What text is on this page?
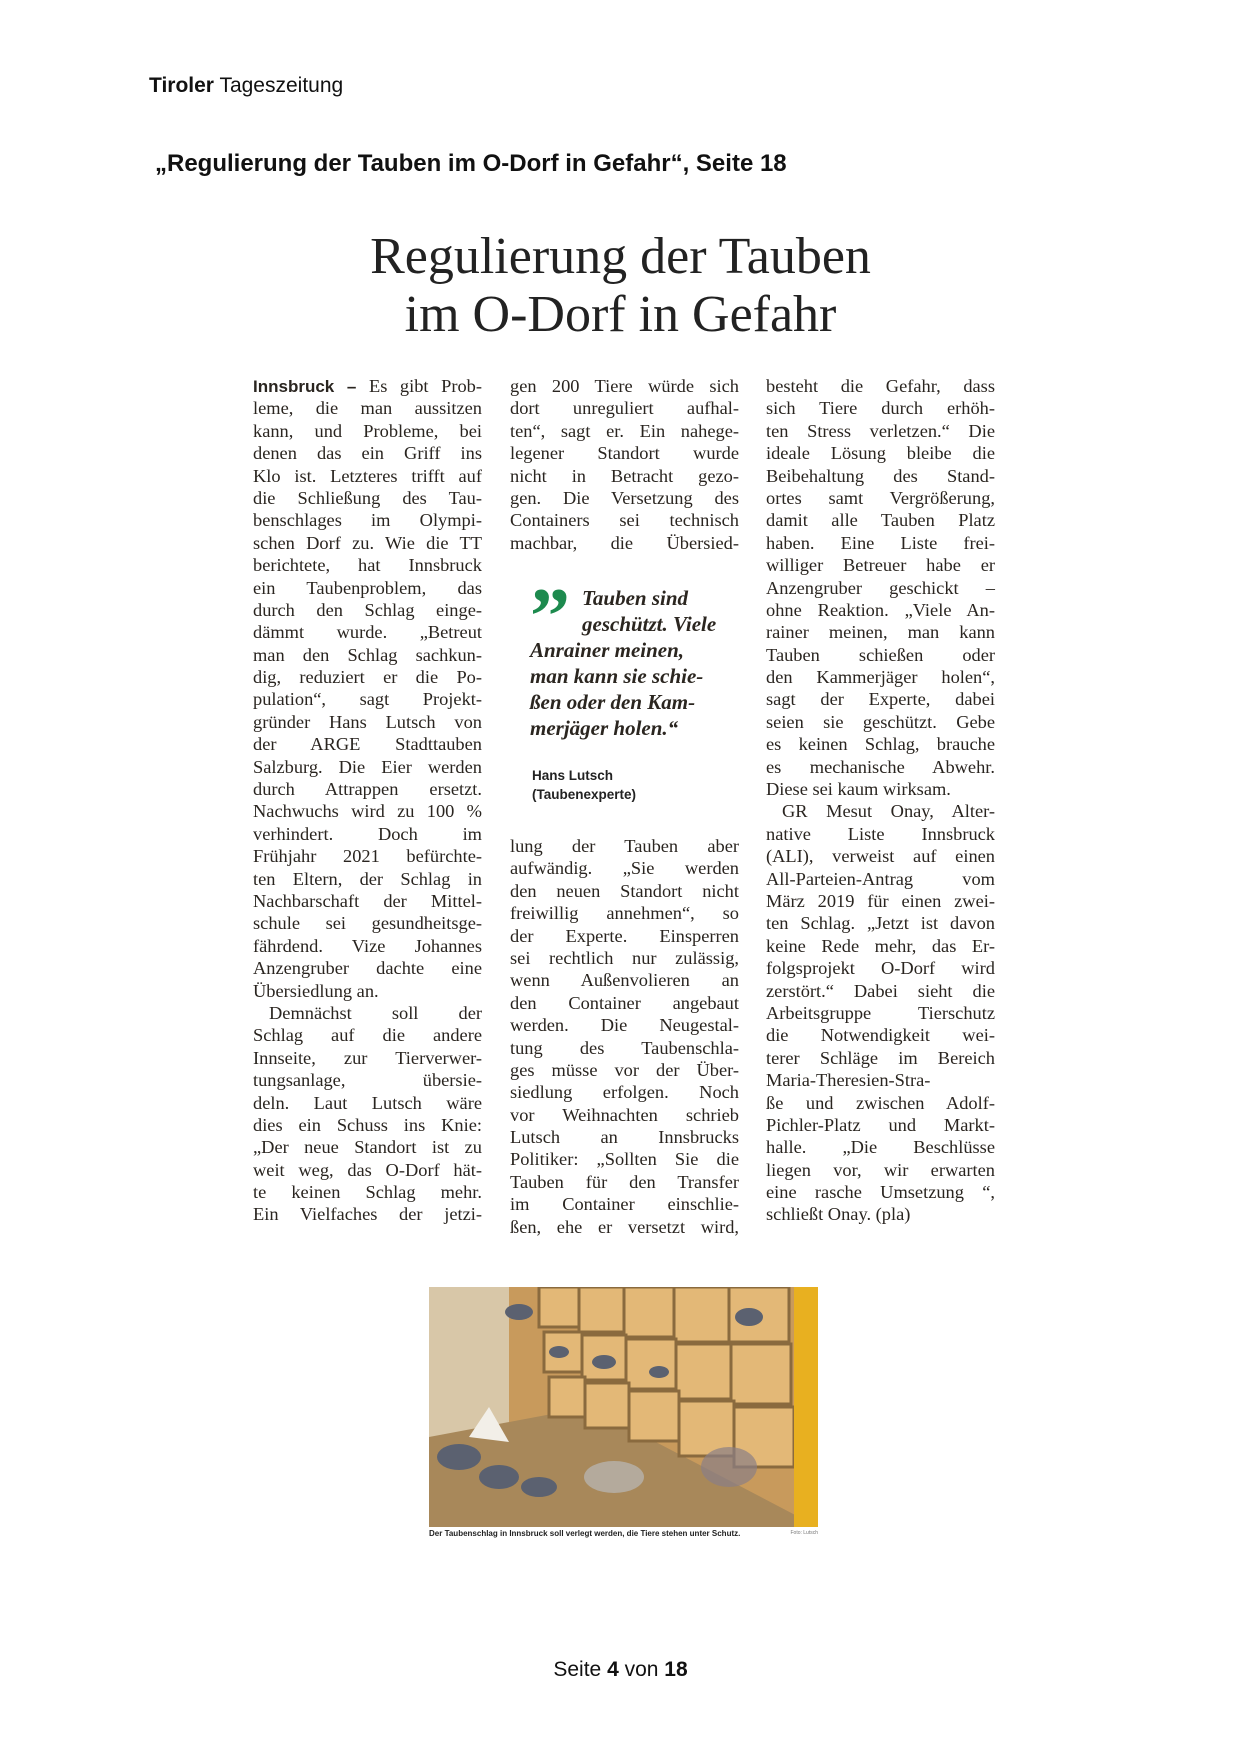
Tiroler Tageszeitung
„Regulierung der Tauben im O-Dorf in Gefahr“, Seite 18
Regulierung der Tauben
im O-Dorf in Gefahr
Innsbruck – Es gibt Prob-
leme, die man aussitzen
kann, und Probleme, bei
denen das ein Griff ins
Klo ist. Letzteres trifft auf
die Schließung des Tau-
benschlages im Olympi-
schen Dorf zu. Wie die TT
berichtete, hat Innsbruck
ein Taubenproblem, das
durch den Schlag einge-
dämmt wurde. „Betreut
man den Schlag sachkun-
dig, reduziert er die Po-
pulation“, sagt Projekt-
gründer Hans Lutsch von
der ARGE Stadttauben
Salzburg. Die Eier werden
durch Attrappen ersetzt.
Nachwuchs wird zu 100 %
verhindert. Doch im
Frühjahr 2021 befürchte-
ten Eltern, der Schlag in
Nachbarschaft der Mittel-
schule sei gesundheitsge-
fährdend. Vize Johannes
Anzengruber dachte eine
Übersiedlung an.
Demnächst soll der
Schlag auf die andere
Innseite, zur Tierverwer-
tungsanlage, übersie-
deln. Laut Lutsch wäre
dies ein Schuss ins Knie:
„Der neue Standort ist zu
weit weg, das O-Dorf hät-
te keinen Schlag mehr.
Ein Vielfaches der jetzi-
gen 200 Tiere würde sich
dort unreguliert aufhal-
ten“, sagt er. Ein nahege-
legener Standort wurde
nicht in Betracht gezo-
gen. Die Versetzung des
Containers sei technisch
machbar, die Übersied-
lung der Tauben aber
aufwändig. „Sie werden
den neuen Standort nicht
freiwillig annehmen“, so
der Experte. Einsperren
sei rechtlich nur zulässig,
wenn Außenvolieren an
den Container angebaut
werden. Die Neugestal-
tung des Taubenschla-
ges müsse vor der Über-
siedlung erfolgen. Noch
vor Weihnachten schrieb
Lutsch an Innsbrucks
Politiker: „Sollten Sie die
Tauben für den Transfer
im Container einschlie-
ßen, ehe er versetzt wird,
besteht die Gefahr, dass
sich Tiere durch erhöh-
ten Stress verletzen.“ Die
ideale Lösung bleibe die
Beibehaltung des Stand-
ortes samt Vergrößerung,
damit alle Tauben Platz
haben. Eine Liste frei-
williger Betreuer habe er
Anzengruber geschickt –
ohne Reaktion. „Viele An-
rainer meinen, man kann
Tauben schießen oder
den Kammerjäger holen“,
sagt der Experte, dabei
seien sie geschützt. Gebe
es keinen Schlag, brauche
es mechanische Abwehr.
Diese sei kaum wirksam.
GR Mesut Onay, Alter-
native Liste Innsbruck
(ALI), verweist auf einen
All-Parteien-Antrag vom
März 2019 für einen zwei-
ten Schlag. „Jetzt ist davon
keine Rede mehr, das Er-
folgsprojekt O-Dorf wird
zerstört.“ Dabei sieht die
Arbeitsgruppe Tierschutz
die Notwendigkeit wei-
terer Schläge im Bereich
Maria-Theresien-Stra-
ße und zwischen Adolf-
Pichler-Platz und Markt-
halle. „Die Beschlüsse
liegen vor, wir erwarten
eine rasche Umsetzung “,
schließt Onay. (pla)
” Tauben sind
geschützt. Viele
Anrainer meinen,
man kann sie schie-
ßen oder den Kam-
merjäger holen.“
Hans Lutsch
(Taubenexperte)
Der Taubenschlag in Innsbruck soll verlegt werden, die Tiere stehen unter Schutz.	Foto: Lutsch
Seite 4 von 18
